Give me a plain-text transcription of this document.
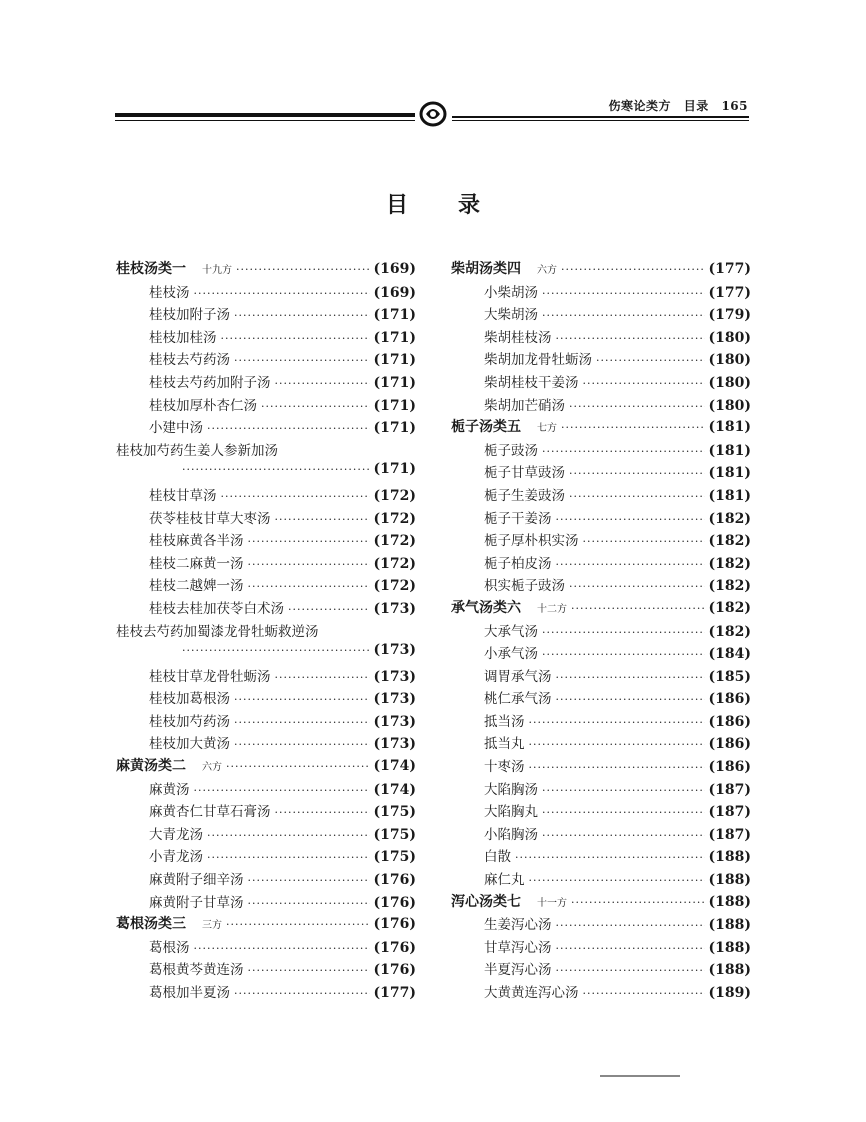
伤寒论类方 目录 165
目 录
桂枝汤类一 十九方 ·····	(169)
桂枝汤 ·····	(169)
桂枝加附子汤 ·····	(171)
桂枝加桂汤 ·····	(171)
桂枝去芍药汤 ·····	(171)
桂枝去芍药加附子汤 ·····	(171)
桂枝加厚朴杏仁汤 ·····	(171)
小建中汤 ·····	(171)
桂枝加芍药生姜人参新加汤
·····
(171)
桂枝甘草汤 ·····	(172)
茯苓桂枝甘草大枣汤 ·····	(172)
桂枝麻黄各半汤 ·····	(172)
桂枝二麻黄一汤 ·····	(172)
桂枝二越婢一汤 ·····	(172)
桂枝去桂加茯苓白术汤 ·····	(173)
桂枝去芍药加蜀漆龙骨牡蛎救逆汤
·····
(173)
桂枝甘草龙骨牡蛎汤 ·····	(173)
桂枝加葛根汤 ·····	(173)
桂枝加芍药汤 ·····	(173)
桂枝加大黄汤 ·····	(173)
麻黄汤类二 六方 ·····	(174)
麻黄汤 ·····	(174)
麻黄杏仁甘草石膏汤 ·····	(175)
大青龙汤 ·····	(175)
小青龙汤 ·····	(175)
麻黄附子细辛汤 ·····	(176)
麻黄附子甘草汤 ·····	(176)
葛根汤类三 三方 ·····	(176)
葛根汤 ·····	(176)
葛根黄芩黄连汤 ·····	(176)
葛根加半夏汤 ·····	(177)
柴胡汤类四 六方 ·····	(177)
小柴胡汤 ·····	(177)
大柴胡汤 ·····	(179)
柴胡桂枝汤 ·····	(180)
柴胡加龙骨牡蛎汤 ·····	(180)
柴胡桂枝干姜汤 ·····	(180)
柴胡加芒硝汤 ·····	(180)
栀子汤类五 七方 ·····	(181)
栀子豉汤 ·····	(181)
栀子甘草豉汤 ·····	(181)
栀子生姜豉汤 ·····	(181)
栀子干姜汤 ·····	(182)
栀子厚朴枳实汤 ·····	(182)
栀子柏皮汤 ·····	(182)
枳实栀子豉汤 ·····	(182)
承气汤类六 十二方 ·····	(182)
大承气汤 ·····	(182)
小承气汤 ·····	(184)
调胃承气汤 ·····	(185)
桃仁承气汤 ·····	(186)
抵当汤 ·····	(186)
抵当丸 ·····	(186)
十枣汤 ·····	(186)
大陷胸汤 ·····	(187)
大陷胸丸 ·····	(187)
小陷胸汤 ·····	(187)
白散 ·····	(188)
麻仁丸 ·····	(188)
泻心汤类七 十一方 ·····	(188)
生姜泻心汤 ·····	(188)
甘草泻心汤 ·····	(188)
半夏泻心汤 ·····	(188)
大黄黄连泻心汤 ·····	(189)
